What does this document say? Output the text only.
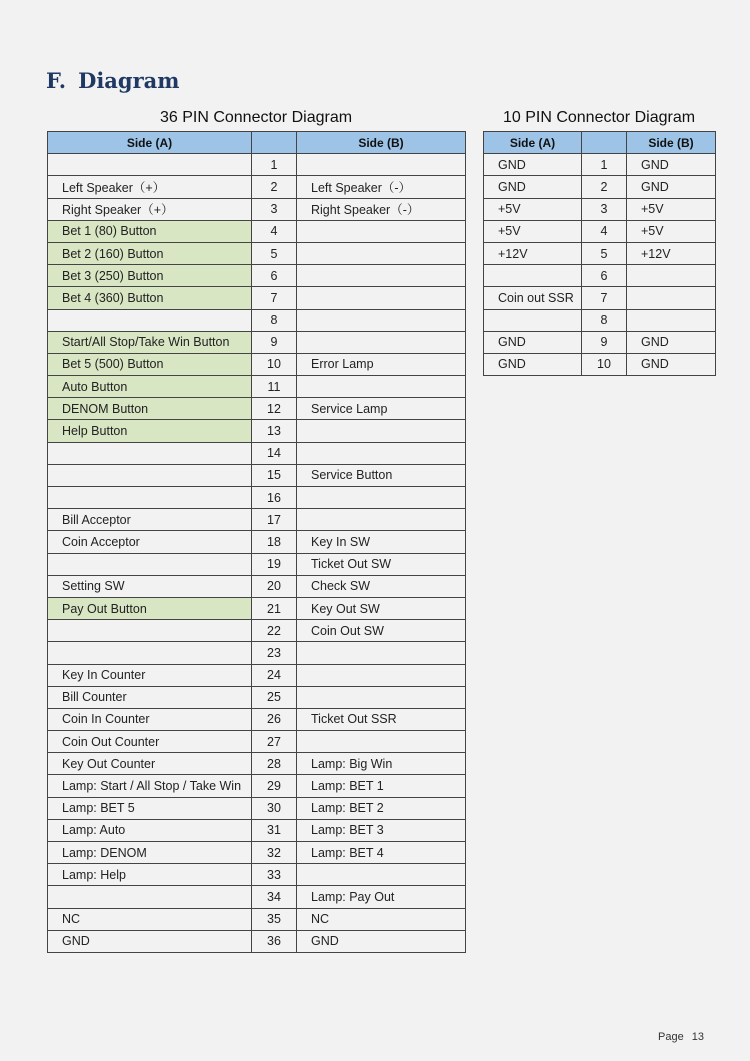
F. Diagram
36 PIN Connector Diagram
Side (A)		Side (B)
	1	
Left Speaker（+）	2	Left Speaker（-）
Right Speaker（+）	3	Right Speaker（-）
Bet 1 (80) Button	4	
Bet 2 (160) Button	5	
Bet 3 (250) Button	6	
Bet 4 (360) Button	7	
	8	
Start/All Stop/Take Win Button	9	
Bet 5 (500) Button	10	Error Lamp
Auto Button	11	
DENOM Button	12	Service Lamp
Help Button	13	
	14	
	15	Service Button
	16	
Bill Acceptor	17	
Coin Acceptor	18	Key In SW
	19	Ticket Out SW
Setting SW	20	Check SW
Pay Out Button	21	Key Out SW
	22	Coin Out SW
	23	
Key In Counter	24	
Bill Counter	25	
Coin In Counter	26	Ticket Out SSR
Coin Out Counter	27	
Key Out Counter	28	Lamp: Big Win
Lamp: Start / All Stop / Take Win	29	Lamp: BET 1
Lamp: BET 5	30	Lamp: BET 2
Lamp: Auto	31	Lamp: BET 3
Lamp: DENOM	32	Lamp: BET 4
Lamp: Help	33	
	34	Lamp: Pay Out
NC	35	NC
GND	36	GND
10 PIN Connector Diagram
Side (A)		Side (B)
GND	1	GND
GND	2	GND
+5V	3	+5V
+5V	4	+5V
+12V	5	+12V
	6	
Coin out SSR	7	
	8	
GND	9	GND
GND	10	GND
Page 13
